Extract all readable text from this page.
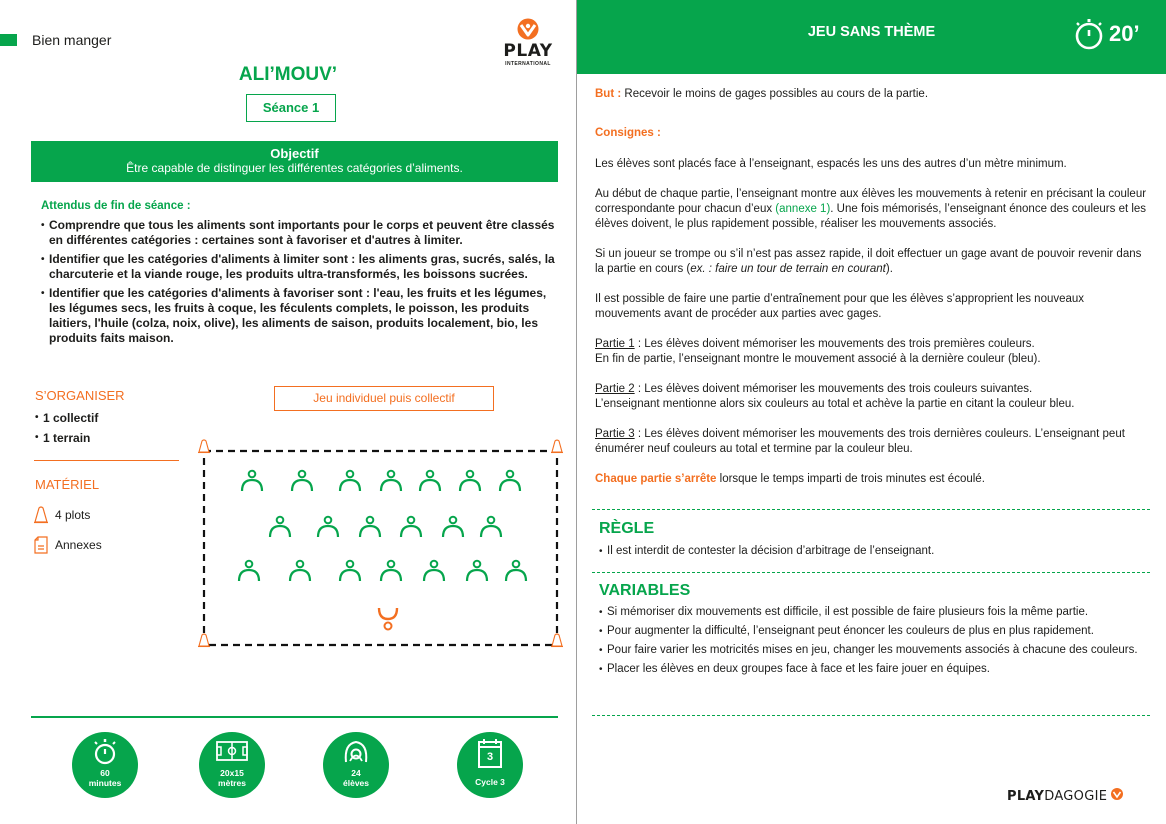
Bien manger
PLAY
INTERNATIONAL
ALI’MOUV’
Séance 1
Objectif
Être capable de distinguer les différentes catégories d’aliments.
Attendus de fin de séance :
• Comprendre que tous les aliments sont importants pour le corps et peuvent être classés en différentes catégories : certaines sont à favoriser et d'autres à limiter.
• Identifier que les catégories d'aliments à limiter sont : les aliments gras, sucrés, salés, la charcuterie et la viande rouge, les produits ultra-transformés, les boissons sucrées.
• Identifier que les catégories d'aliments à favoriser sont : l'eau, les fruits et les légumes, les légumes secs, les fruits à coque, les féculents complets, le poisson, les produits laitiers, l'huile (colza, noix, olive), les aliments de saison, produits localement, bio, les produits faits maison.
S’ORGANISER
• 1 collectif
• 1 terrain
MATÉRIEL
4 plots
Annexes
Jeu individuel puis collectif
60
minutes
20x15
mètres
24
élèves
3
Cycle 3
JEU SANS THÈME	20’

But : Recevoir le moins de gages possibles au cours de la partie.

Consignes :

Les élèves sont placés face à l’enseignant, espacés les uns des autres d’un mètre minimum.

Au début de chaque partie, l’enseignant montre aux élèves les mouvements à retenir en précisant la couleur correspondante pour chacun d’eux (annexe 1). Une fois mémorisés, l’enseignant énonce des couleurs et les élèves doivent, le plus rapidement possible, réaliser les mouvements associés.

Si un joueur se trompe ou s’il n’est pas assez rapide, il doit effectuer un gage avant de pouvoir revenir dans la partie en cours (ex. : faire un tour de terrain en courant).

Il est possible de faire une partie d’entraînement pour que les élèves s’approprient les nouveaux mouvements avant de procéder aux parties avec gages.

Partie 1 : Les élèves doivent mémoriser les mouvements des trois premières couleurs.
En fin de partie, l’enseignant montre le mouvement associé à la dernière couleur (bleu).

Partie 2 : Les élèves doivent mémoriser les mouvements des trois couleurs suivantes.
L’enseignant mentionne alors six couleurs au total et achève la partie en citant la couleur bleu.

Partie 3 : Les élèves doivent mémoriser les mouvements des trois dernières couleurs. L’enseignant peut énumérer neuf couleurs au total et termine par la couleur bleu.

Chaque partie s’arrête lorsque le temps imparti de trois minutes est écoulé.

RÈGLE
• Il est interdit de contester la décision d’arbitrage de l’enseignant.
VARIABLES
• Si mémoriser dix mouvements est difficile, il est possible de faire plusieurs fois la même partie.
• Pour augmenter la difficulté, l’enseignant peut énoncer les couleurs de plus en plus rapidement.
• Pour faire varier les motricités mises en jeu, changer les mouvements associés à chacune des couleurs.
• Placer les élèves en deux groupes face à face et les faire jouer en équipes.
PLAY DAGOGIE
